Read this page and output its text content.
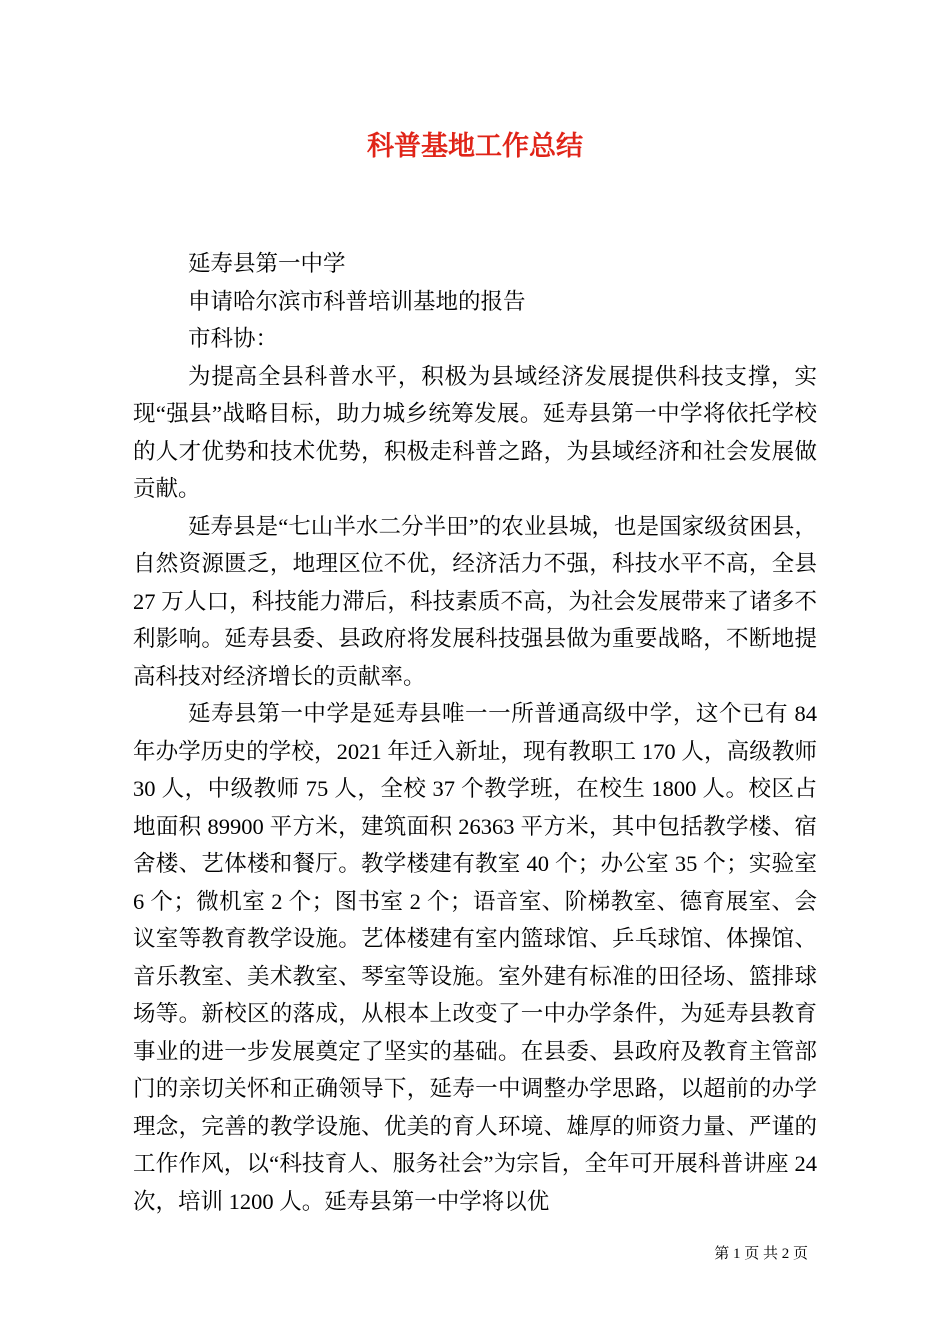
科普基地工作总结

延寿县第一中学

申请哈尔滨市科普培训基地的报告

市科协：

为提高全县科普水平，积极为县域经济发展提供科技支撑，实现“强县”战略目标，助力城乡统筹发展。延寿县第一中学将依托学校的人才优势和技术优势，积极走科普之路，为县域经济和社会发展做贡献。

延寿县是“七山半水二分半田”的农业县城，也是国家级贫困县，自然资源匮乏，地理区位不优，经济活力不强，科技水平不高，全县 27 万人口，科技能力滞后，科技素质不高，为社会发展带来了诸多不利影响。延寿县委、县政府将发展科技强县做为重要战略，不断地提高科技对经济增长的贡献率。

延寿县第一中学是延寿县唯一一所普通高级中学，这个已有 84 年办学历史的学校，2021 年迁入新址，现有教职工 170 人，高级教师 30 人，中级教师 75 人，全校 37 个教学班，在校生 1800 人。校区占地面积 89900 平方米，建筑面积 26363 平方米，其中包括教学楼、宿舍楼、艺体楼和餐厅。教学楼建有教室 40 个；办公室 35 个；实验室 6 个；微机室 2 个；图书室 2 个；语音室、阶梯教室、德育展室、会议室等教育教学设施。艺体楼建有室内篮球馆、乒乓球馆、体操馆、音乐教室、美术教室、琴室等设施。室外建有标准的田径场、篮排球场等。新校区的落成，从根本上改变了一中办学条件，为延寿县教育事业的进一步发展奠定了坚实的基础。在县委、县政府及教育主管部门的亲切关怀和正确领导下，延寿一中调整办学思路，以超前的办学理念，完善的教学设施、优美的育人环境、雄厚的师资力量、严谨的工作作风，以“科技育人、服务社会”为宗旨，全年可开展科普讲座 24 次，培训 1200 人。延寿县第一中学将以优

第 1 页 共 2 页
